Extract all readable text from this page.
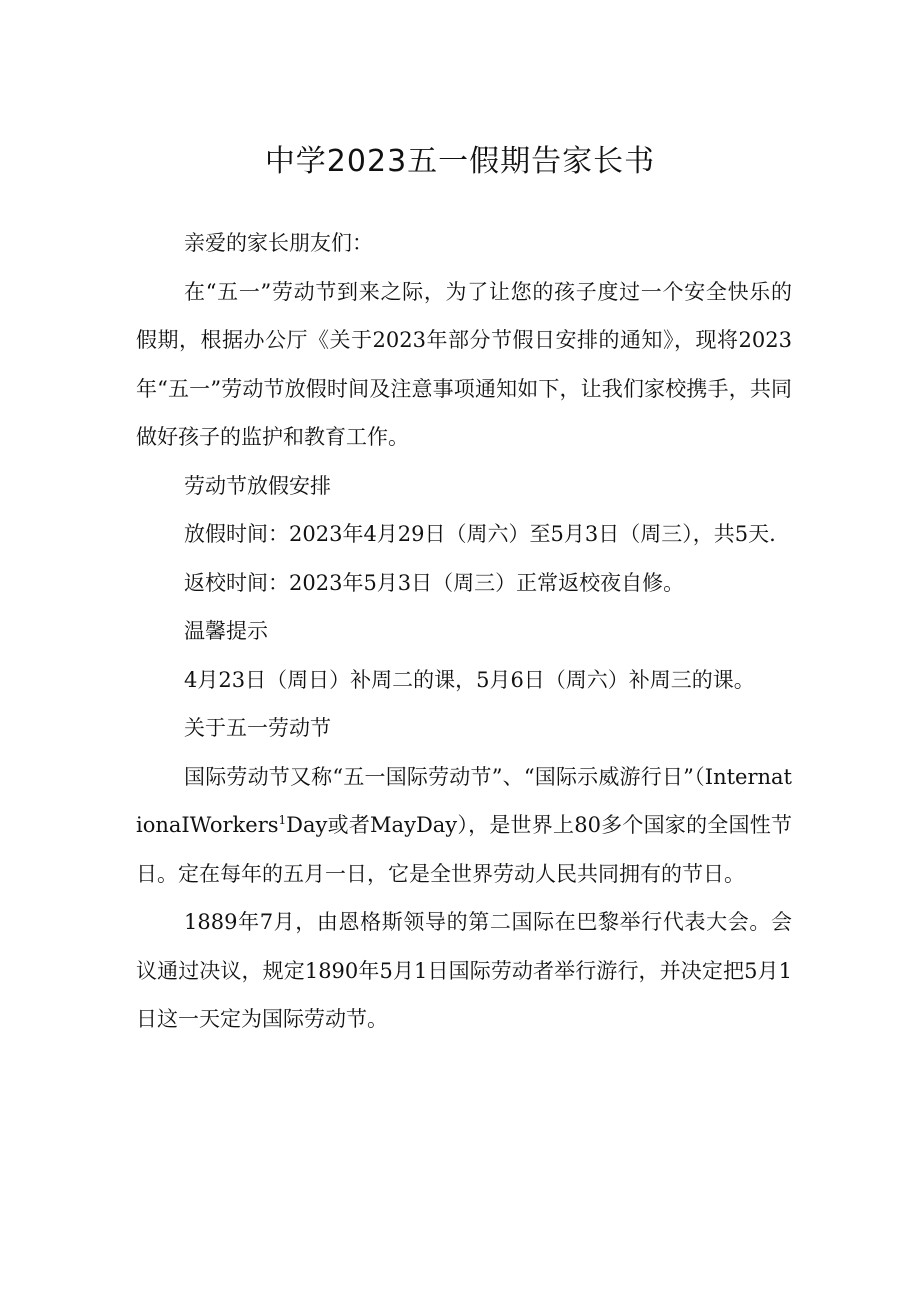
中学2023五一假期告家长书

亲爱的家长朋友们：

在“五一”劳动节到来之际，为了让您的孩子度过一个安全快乐的假期，根据办公厅《关于2023年部分节假日安排的通知》，现将2023年“五一”劳动节放假时间及注意事项通知如下，让我们家校携手，共同做好孩子的监护和教育工作。

劳动节放假安排

放假时间：2023年4月29日（周六）至5月3日（周三），共5天.

返校时间：2023年5月3日（周三）正常返校夜自修。

温馨提示

4月23日（周日）补周二的课，5月6日（周六）补周三的课。

关于五一劳动节

国际劳动节又称“五一国际劳动节”、“国际示威游行日”（InternationaIWorkers$^1$Day或者MayDay），是世界上80多个国家的全国性节日。定在每年的五月一日，它是全世界劳动人民共同拥有的节日。

1889年7月，由恩格斯领导的第二国际在巴黎举行代表大会。会议通过决议，规定1890年5月1日国际劳动者举行游行，并决定把5月1日这一天定为国际劳动节。
